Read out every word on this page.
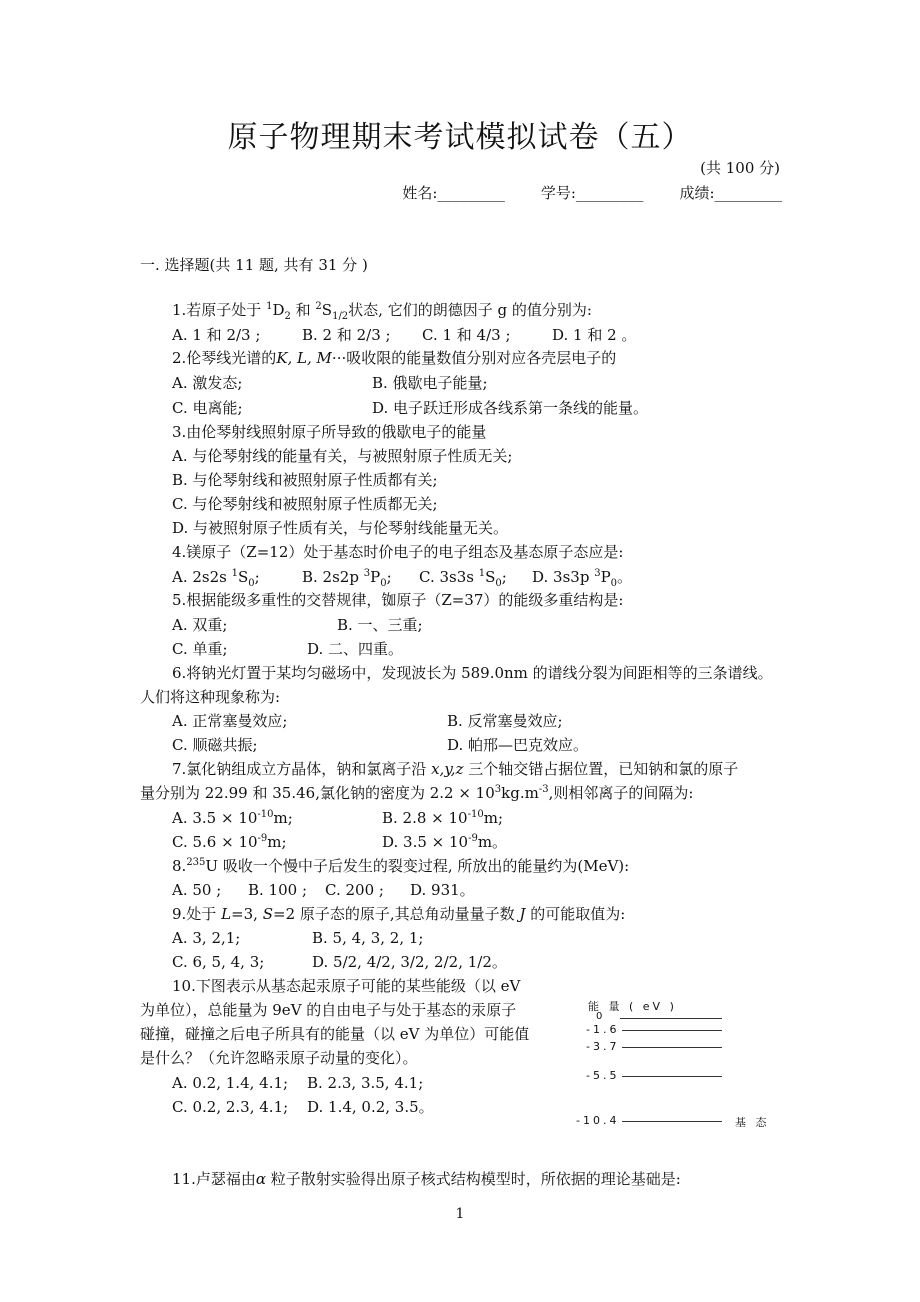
原子物理期末考试模拟试卷（五）
(共 100 分)
姓名:_________ 学号:_________ 成绩:_________
一. 选择题(共 11 题, 共有 31 分 )
1.若原子处于 $^1D_2$ 和 $^2S_{1/2}$状态, 它们的朗德因子 g 的值分别为:
A. 1 和 2/3 ;	B. 2 和 2/3 ; C. 1 和 4/3 ;	D. 1 和 2 。
2.伦琴线光谱的K, L, M···吸收限的能量数值分别对应各壳层电子的
A. 激发态;	B. 俄歇电子能量;
C. 电离能;	D. 电子跃迁形成各线系第一条线的能量。
3.由伦琴射线照射原子所导致的俄歇电子的能量
A. 与伦琴射线的能量有关，与被照射原子性质无关;
B. 与伦琴射线和被照射原子性质都有关;
C. 与伦琴射线和被照射原子性质都无关;
D. 与被照射原子性质有关，与伦琴射线能量无关。
4.镁原子（Z=12）处于基态时价电子的电子组态及基态原子态应是:
A. 2s2s $^1S_0$;	B. 2s2p $^3P_0$; C. 3s3s $^1S_0$; D. 3s3p $^3P_0$。
5.根据能级多重性的交替规律，铷原子（Z=37）的能级多重结构是:
A. 双重;	B. 一、三重;
C. 单重;	D. 二、四重。
6.将钠光灯置于某均匀磁场中，发现波长为 589.0nm 的谱线分裂为间距相等的三条谱线。
人们将这种现象称为:
A. 正常塞曼效应;	B. 反常塞曼效应;
C. 顺磁共振;	D. 帕邢—巴克效应。
7.氯化钠组成立方晶体，钠和氯离子沿 x,y,z 三个轴交错占据位置，已知钠和氯的原子
量分别为 22.99 和 35.46,氯化钠的密度为 $2.2 \times 10^3kg.m^{-3}$,则相邻离子的间隔为:
A. $3.5 \times 10^{-10}m$;	B. $2.8 \times 10^{-10}m$;
C. $5.6 \times 10^{-9}m$;	D. $3.5 \times 10^{-9}m$。
8.$^{235}$U 吸收一个慢中子后发生的裂变过程, 所放出的能量约为(MeV):
A. 50 ; B. 100 ; C. 200 ; D. 931。
9.处于 L=3, S=2 原子态的原子,其总角动量量子数 J 的可能取值为:
A. 3, 2,1;	B. 5, 4, 3, 2, 1;
C. 6, 5, 4, 3;	D. 5/2, 4/2, 3/2, 2/2, 1/2。
10.下图表示从基态起汞原子可能的某些能级（以 eV
为单位），总能量为 9eV 的自由电子与处于基态的汞原子
碰撞，碰撞之后电子所具有的能量（以 eV 为单位）可能值
是什么？（允许忽略汞原子动量的变化）。
A. 0.2, 1.4, 4.1; B. 2.3, 3.5, 4.1;
C. 0.2, 2.3, 4.1; D. 1.4, 0.2, 3.5。
能 量 ( eV )
0
-1.6
-3.7
-5.5
-10.4	基 态
11.卢瑟福由α 粒子散射实验得出原子核式结构模型时，所依据的理论基础是:
1
